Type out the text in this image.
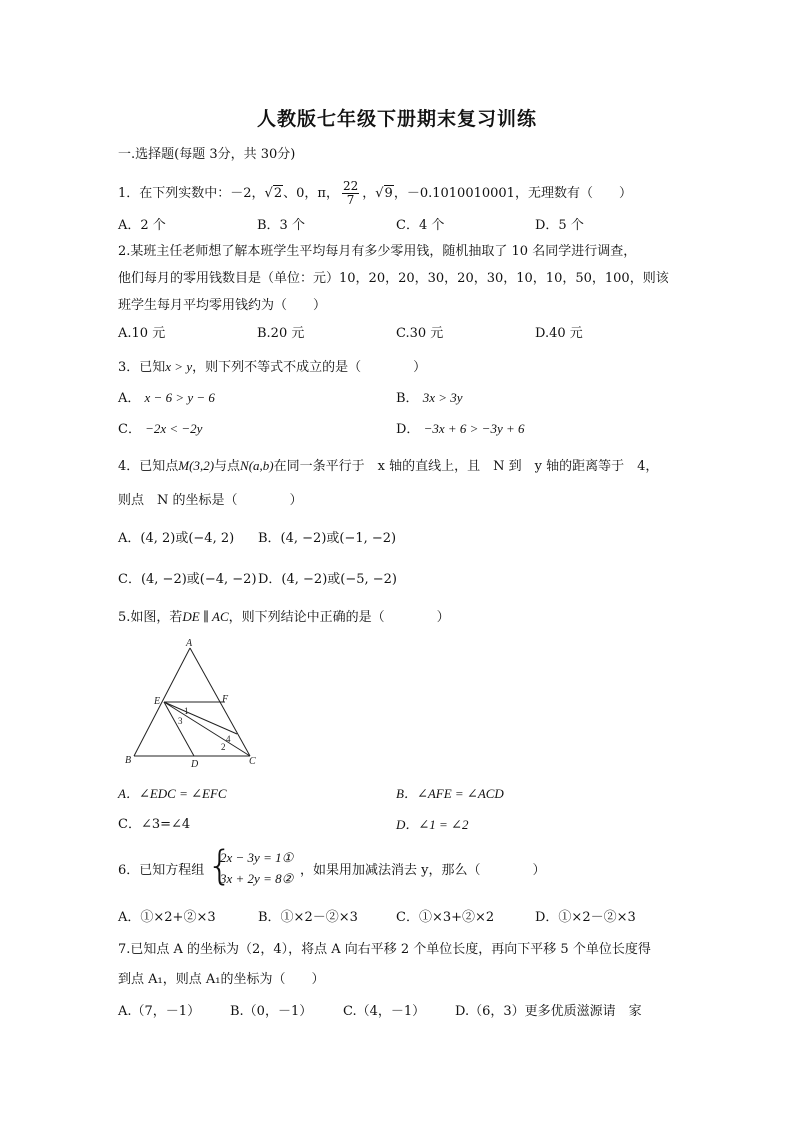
人教版七年级下册期末复习训练
一.选择题(每题 3分，共 30分)
1．在下列实数中：－2，√2、0，π， $\frac{22}{7}$ ，√9，－0.1010010001，无理数有（　　）
A．2 个	B．3 个	C．4 个	D．5 个
2.某班主任老师想了解本班学生平均每月有多少零用钱，随机抽取了 10 名同学进行调查，
他们每月的零用钱数目是（单位：元）10，20，20，30，20，30，10，10，50，100，则该
班学生每月平均零用钱约为（　　）
A.10 元	B.20 元	C.30 元	D.40 元
3．已知x > y，则下列不等式不成立的是（　　　　）
A． x − 6 > y − 6	B． 3x > 3y
C． −2x < −2y	D． −3x + 6 > −3y + 6
4．已知点M(3,2)与点N(a,b)在同一条平行于　x 轴的直线上，且　N 到　y 轴的距离等于　4，
则点　N 的坐标是（　　　　）
A．(4, 2)或(−4, 2) B．(4, −2)或(−1, −2)
C．(4, −2)或(−4, −2) D．(4, −2)或(−5, −2)
5.如图，若DE ∥ AC，则下列结论中正确的是（　　　　）
A
E	F
B	D	C
1
2
3
4
A．∠EDC = ∠EFC	B．∠AFE = ∠ACD
C．∠3=∠4	D．∠1 = ∠2
6．已知方程组 {
2x − 3y = 1①
3x + 2y = 8②
，如果用加减法消去 y，那么（　　　　）
A．①×2+②×3	B．①×2－②×3	C．①×3+②×2	D．①×2－②×3
7.已知点 A 的坐标为（2，4），将点 A 向右平移 2 个单位长度，再向下平移 5 个单位长度得
到点 A₁，则点 A₁的坐标为（　　）
A.（7，－1） B.（0，－1） C.（4，－1） D.（6，3）更多优质滋源请　家
